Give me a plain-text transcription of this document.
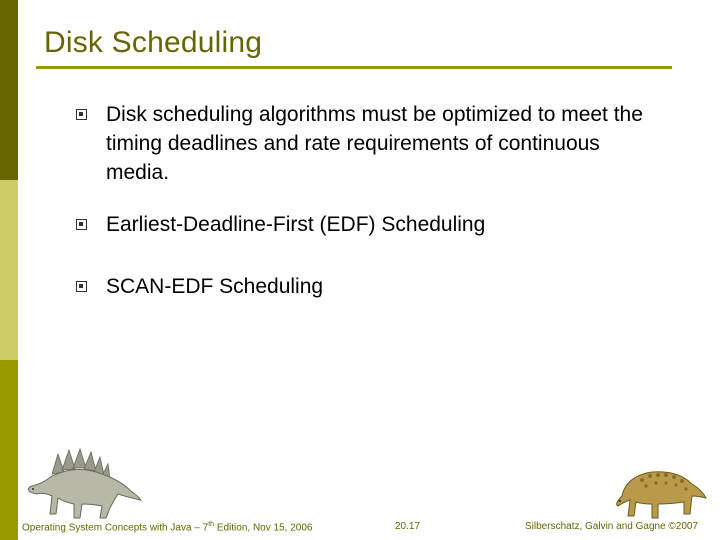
Disk Scheduling
Disk scheduling algorithms must be optimized to meet the timing deadlines and rate requirements of continuous media.
Earliest-Deadline-First (EDF) Scheduling
SCAN-EDF Scheduling
Operating System Concepts with Java – 7th Edition, Nov 15, 2006	20.17	Silberschatz, Galvin and Gagne ©2007
